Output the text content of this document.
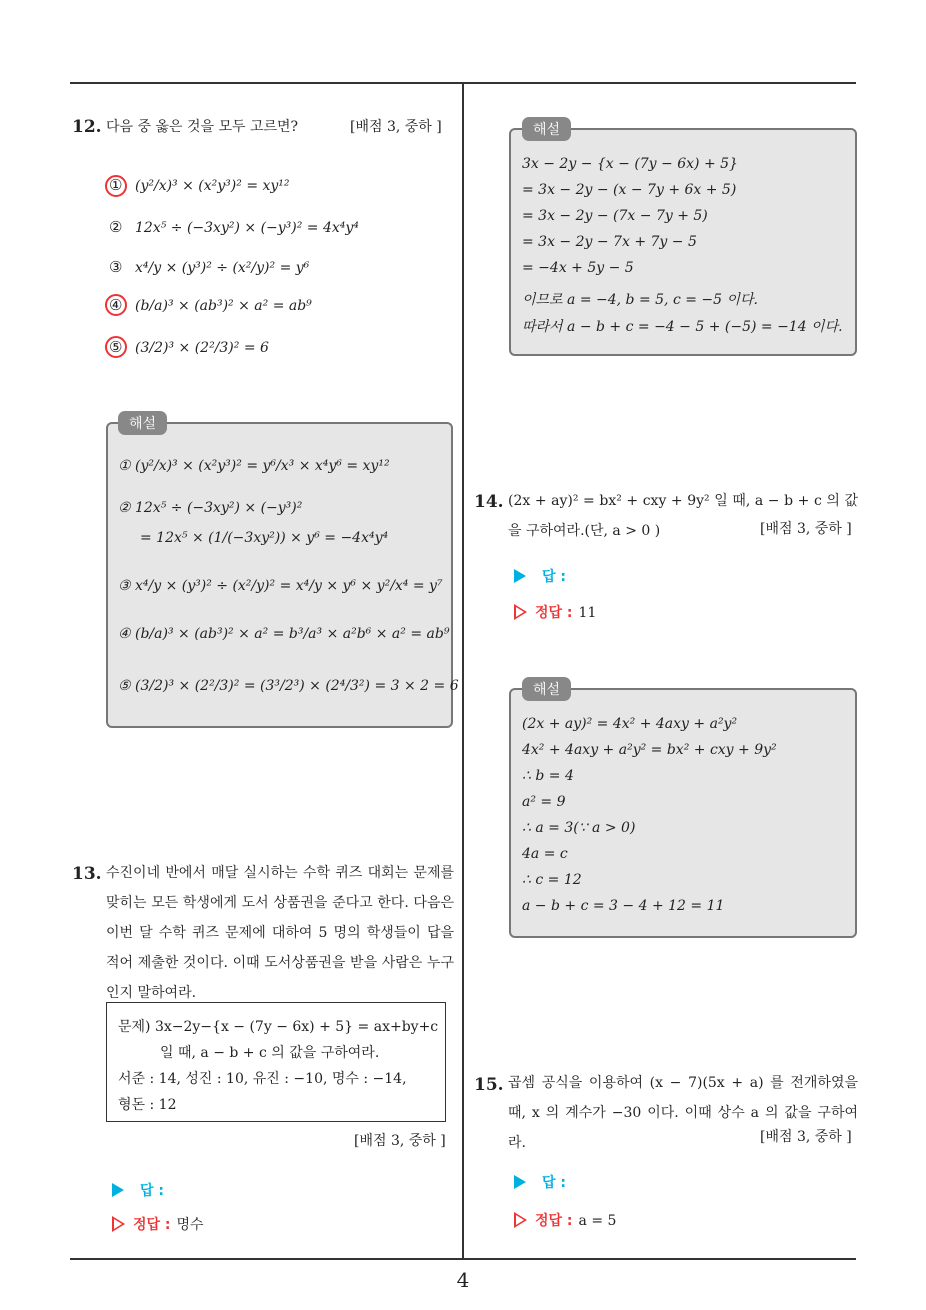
4
12. 다음 중 옳은 것을 모두 고르면?	[배점 3, 중하 ]
① (y²/x)³ × (x²y³)² = xy¹²
② 12x⁵ ÷ (−3xy²) × (−y³)² = 4x⁴y⁴
③ x⁴/y × (y³)² ÷ (x²/y)² = y⁶
④ (b/a)³ × (ab³)² × a² = ab⁹
⑤ (3/2)³ × (2²/3)² = 6
해설
① (y²/x)³ × (x²y³)² = y⁶/x³ × x⁴y⁶ = xy¹²
② 12x⁵ ÷ (−3xy²) × (−y³)²
= 12x⁵ × (1/(−3xy²)) × y⁶ = −4x⁴y⁴
③ x⁴/y × (y³)² ÷ (x²/y)² = x⁴/y × y⁶ × y²/x⁴ = y⁷
④ (b/a)³ × (ab³)² × a² = b³/a³ × a²b⁶ × a² = ab⁹
⑤ (3/2)³ × (2²/3)² = (3³/2³) × (2⁴/3²) = 3 × 2 = 6
13. 수진이네 반에서 매달 실시하는 수학 퀴즈 대회는 문제를 맞히는 모든 학생에게 도서 상품권을 준다고 한다. 다음은 이번 달 수학 퀴즈 문제에 대하여 5 명의 학생들이 답을 적어 제출한 것이다. 이때 도서상품권을 받을 사람은 누구인지 말하여라.
문제) 3x−2y−{x − (7y − 6x) + 5} = ax+by+c
일 때, a − b + c 의 값을 구하여라.
서준 : 14, 성진 : 10, 유진 : −10, 명수 : −14,
형돈 : 12
[배점 3, 중하 ]
답 :
정답 : 명수
해설
3x − 2y − {x − (7y − 6x) + 5}
= 3x − 2y − (x − 7y + 6x + 5)
= 3x − 2y − (7x − 7y + 5)
= 3x − 2y − 7x + 7y − 5
= −4x + 5y − 5
이므로 a = −4, b = 5, c = −5 이다.
따라서 a − b + c = −4 − 5 + (−5) = −14 이다.
14. (2x + ay)² = bx² + cxy + 9y² 일 때, a − b + c 의 값을 구하여라.(단, a > 0 )	[배점 3, 중하 ]
답 :
정답 : 11
해설
(2x + ay)² = 4x² + 4axy + a²y²
4x² + 4axy + a²y² = bx² + cxy + 9y²
∴ b = 4
a² = 9
∴ a = 3(∵ a > 0)
4a = c
∴ c = 12
a − b + c = 3 − 4 + 12 = 11
15. 곱셈 공식을 이용하여 (x − 7)(5x + a) 를 전개하였을 때, x 의 계수가 −30 이다. 이때 상수 a 의 값을 구하여라.	[배점 3, 중하 ]
답 :
정답 : a = 5
